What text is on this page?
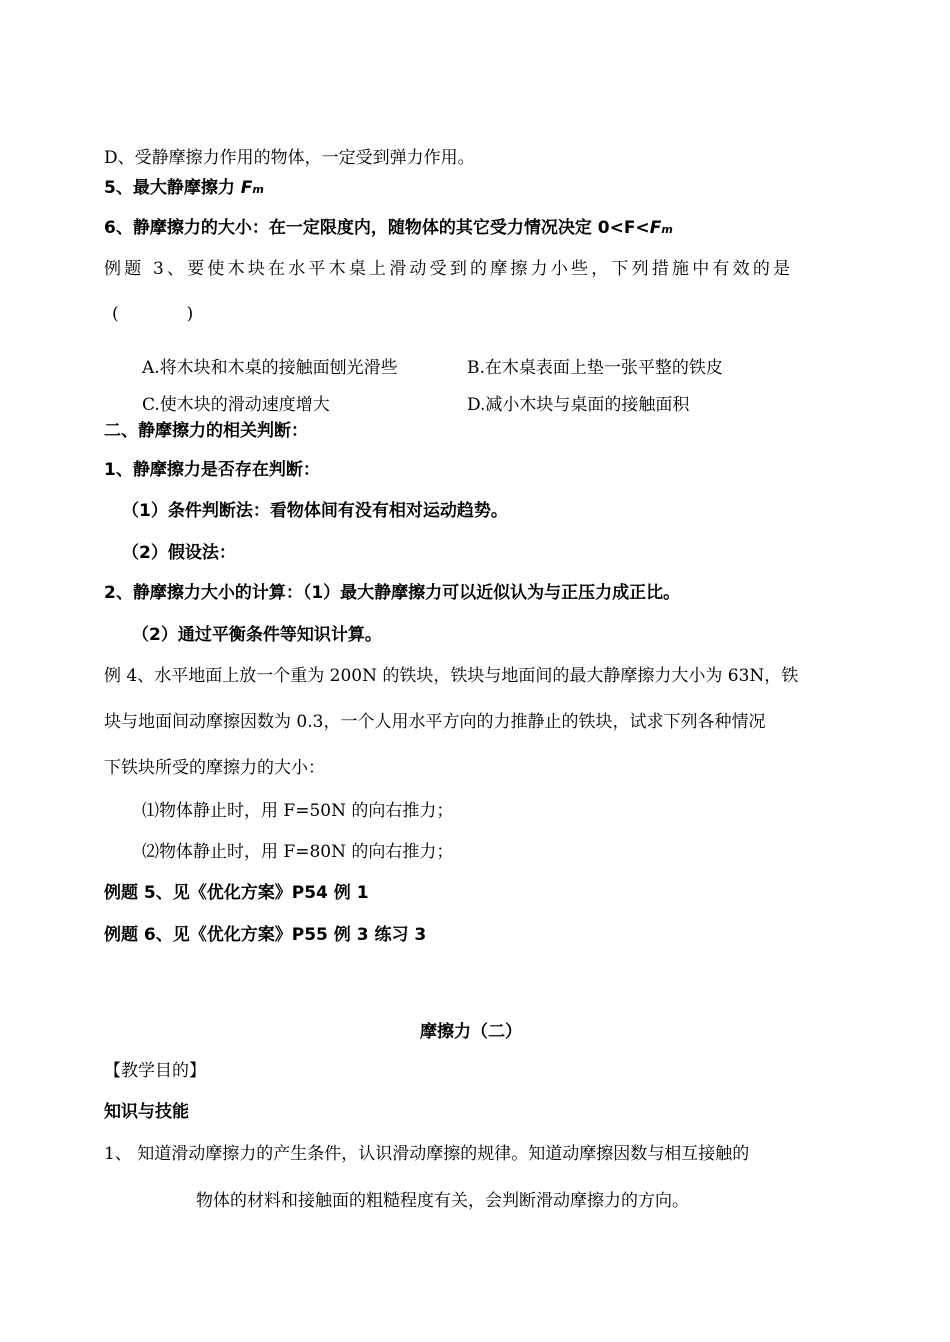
D、受静摩擦力作用的物体，一定受到弹力作用。
5、最大静摩擦力 Fm
6、静摩擦力的大小：在一定限度内，随物体的其它受力情况决定 0<F<Fm
例题 3、要使木块在水平木桌上滑动受到的摩擦力小些，下列措施中有效的是
(　　　　)
A.将木块和木桌的接触面刨光滑些	B.在木桌表面上垫一张平整的铁皮
C.使木块的滑动速度增大	D.减小木块与桌面的接触面积
二、静摩擦力的相关判断：
1、静摩擦力是否存在判断：
（1）条件判断法：看物体间有没有相对运动趋势。
（2）假设法：
2、静摩擦力大小的计算：（1）最大静摩擦力可以近似认为与正压力成正比。
（2）通过平衡条件等知识计算。
例 4、水平地面上放一个重为 200N 的铁块，铁块与地面间的最大静摩擦力大小为 63N，铁
块与地面间动摩擦因数为 0.3，一个人用水平方向的力推静止的铁块，试求下列各种情况
下铁块所受的摩擦力的大小：
⑴物体静止时，用 F=50N 的向右推力；
⑵物体静止时，用 F=80N 的向右推力；
例题 5、见《优化方案》P54 例 1
例题 6、见《优化方案》P55 例 3 练习 3
摩擦力（二）
【教学目的】
知识与技能
1、 知道滑动摩擦力的产生条件，认识滑动摩擦的规律。知道动摩擦因数与相互接触的
物体的材料和接触面的粗糙程度有关，会判断滑动摩擦力的方向。
